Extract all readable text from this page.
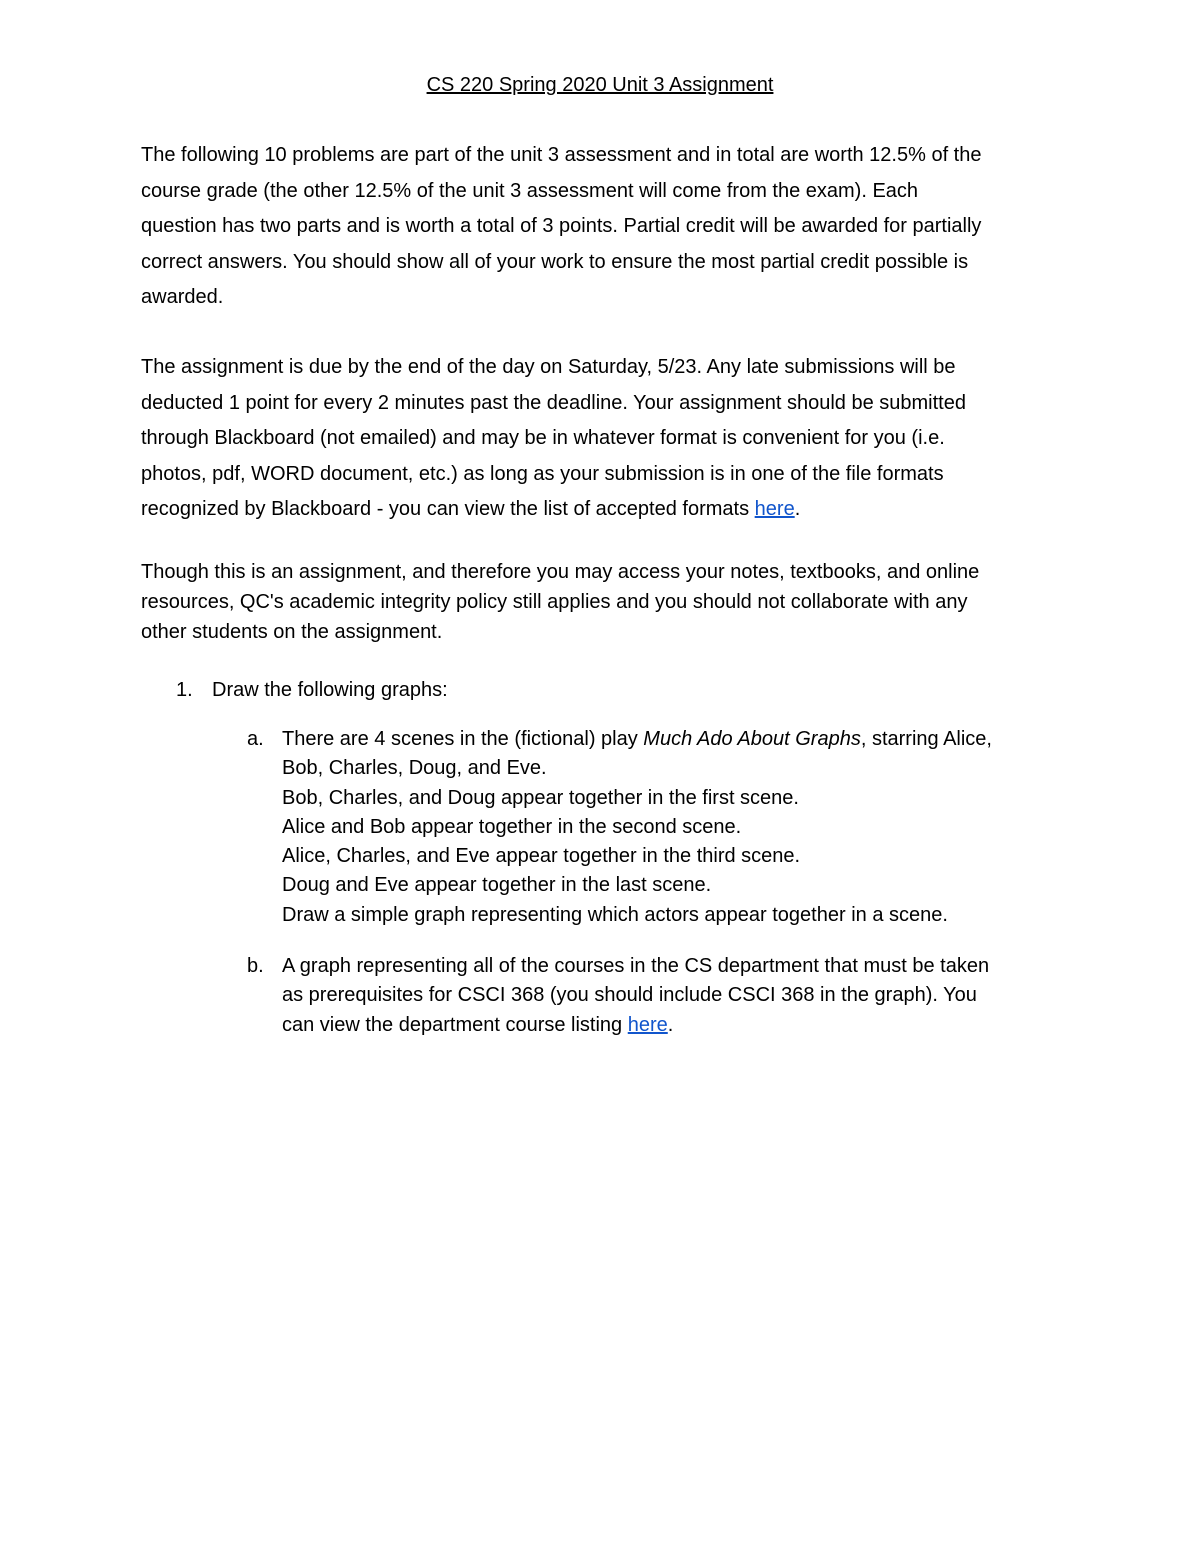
CS 220 Spring 2020 Unit 3 Assignment
The following 10 problems are part of the unit 3 assessment and in total are worth 12.5% of the
course grade (the other 12.5% of the unit 3 assessment will come from the exam). Each
question has two parts and is worth a total of 3 points. Partial credit will be awarded for partially
correct answers. You should show all of your work to ensure the most partial credit possible is
awarded.
The assignment is due by the end of the day on Saturday, 5/23. Any late submissions will be
deducted 1 point for every 2 minutes past the deadline. Your assignment should be submitted
through Blackboard (not emailed) and may be in whatever format is convenient for you (i.e.
photos, pdf, WORD document, etc.) as long as your submission is in one of the file formats
recognized by Blackboard - you can view the list of accepted formats here.
Though this is an assignment, and therefore you may access your notes, textbooks, and online
resources, QC's academic integrity policy still applies and you should not collaborate with any
other students on the assignment.
1. Draw the following graphs:
a. There are 4 scenes in the (fictional) play Much Ado About Graphs, starring Alice,
Bob, Charles, Doug, and Eve.
Bob, Charles, and Doug appear together in the first scene.
Alice and Bob appear together in the second scene.
Alice, Charles, and Eve appear together in the third scene.
Doug and Eve appear together in the last scene.
Draw a simple graph representing which actors appear together in a scene.
b. A graph representing all of the courses in the CS department that must be taken
as prerequisites for CSCI 368 (you should include CSCI 368 in the graph). You
can view the department course listing here.
